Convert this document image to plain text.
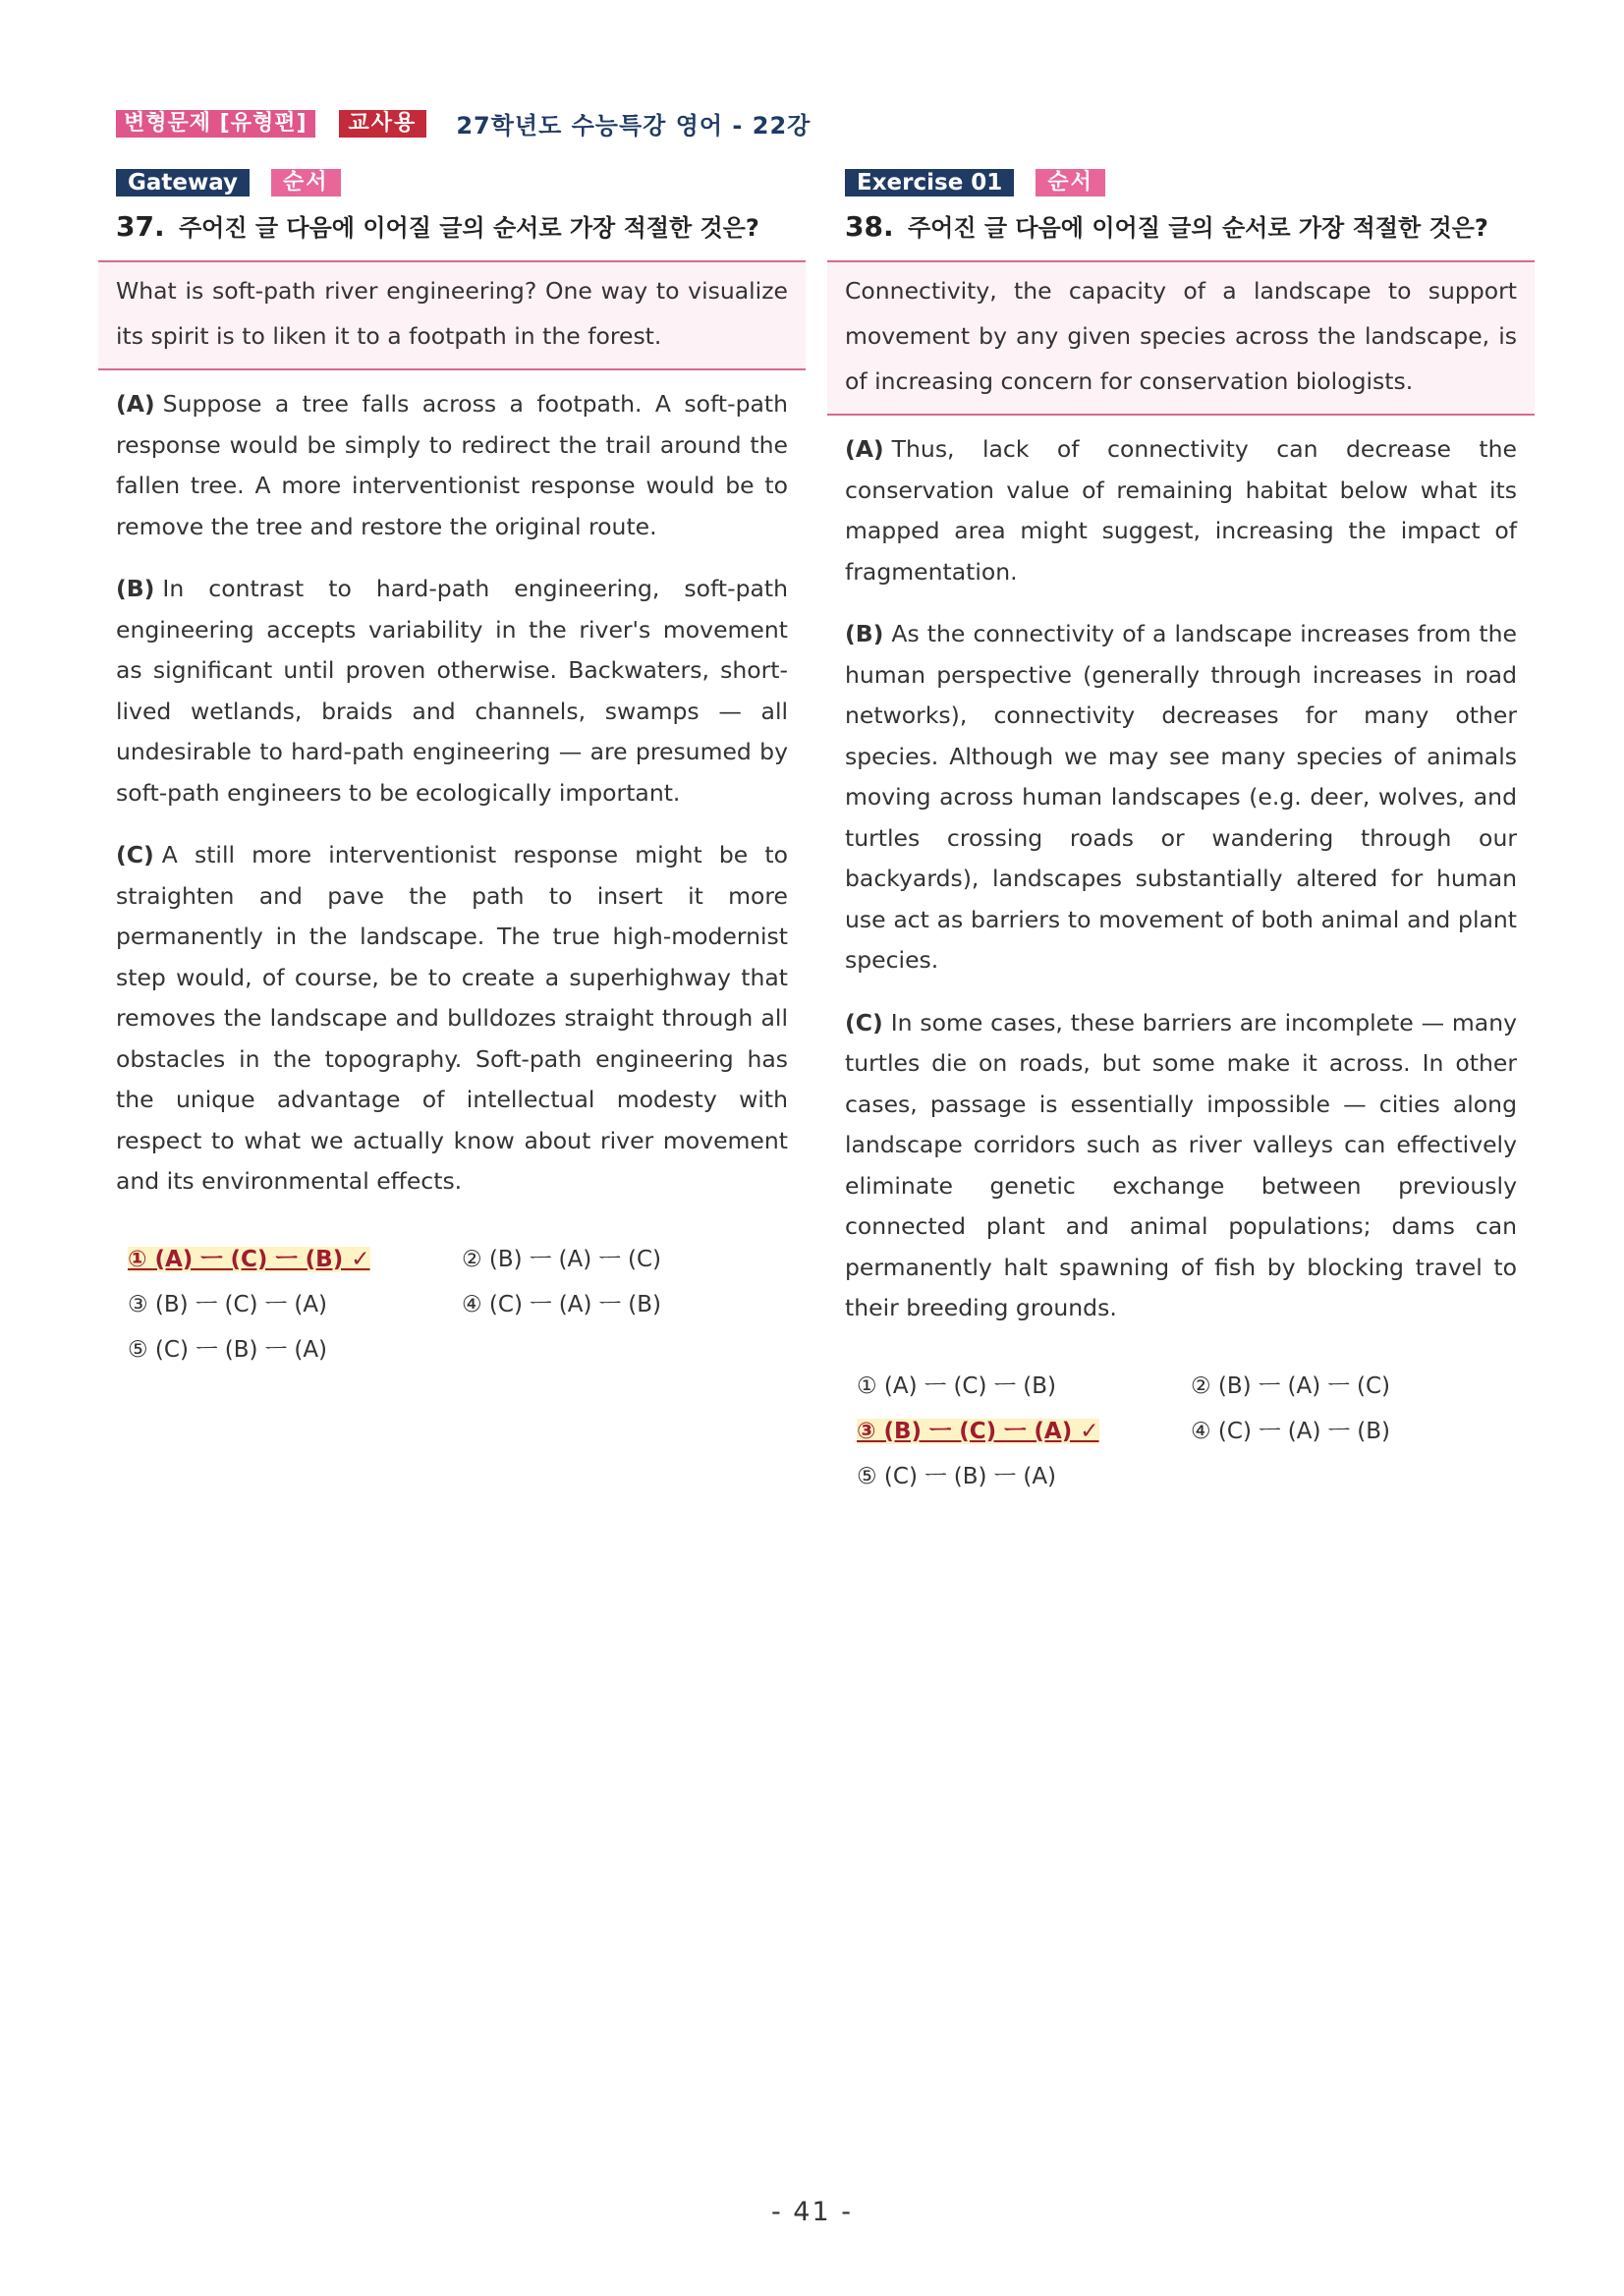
변형문제 [유형편]	교사용	27학년도 수능특강 영어 - 22강
Gateway	순서
37. 주어진 글 다음에 이어질 글의 순서로 가장 적절한 것은?
What is soft-path river engineering? One way to visualize its spirit is to liken it to a footpath in the forest.

(A) Suppose a tree falls across a footpath. A soft-path response would be simply to redirect the trail around the fallen tree. A more interventionist response would be to remove the tree and restore the original route.

(B) In contrast to hard-path engineering, soft-path engineering accepts variability in the river's movement as significant until proven otherwise. Backwaters, short-lived wetlands, braids and channels, swamps — all undesirable to hard-path engineering — are presumed by soft-path engineers to be ecologically important.

(C) A still more interventionist response might be to straighten and pave the path to insert it more permanently in the landscape. The true high-modernist step would, of course, be to create a superhighway that removes the landscape and bulldozes straight through all obstacles in the topography. Soft-path engineering has the unique advantage of intellectual modesty with respect to what we actually know about river movement and its environmental effects.

① (A) ㅡ (C) ㅡ (B) ✓	② (B) ㅡ (A) ㅡ (C)
③ (B) ㅡ (C) ㅡ (A)	④ (C) ㅡ (A) ㅡ (B)
⑤ (C) ㅡ (B) ㅡ (A)
Exercise 01	순서
38. 주어진 글 다음에 이어질 글의 순서로 가장 적절한 것은?
Connectivity, the capacity of a landscape to support movement by any given species across the landscape, is of increasing concern for conservation biologists.

(A) Thus, lack of connectivity can decrease the conservation value of remaining habitat below what its mapped area might suggest, increasing the impact of fragmentation.

(B) As the connectivity of a landscape increases from the human perspective (generally through increases in road networks), connectivity decreases for many other species. Although we may see many species of animals moving across human landscapes (e.g. deer, wolves, and turtles crossing roads or wandering through our backyards), landscapes substantially altered for human use act as barriers to movement of both animal and plant species.

(C) In some cases, these barriers are incomplete — many turtles die on roads, but some make it across. In other cases, passage is essentially impossible — cities along landscape corridors such as river valleys can effectively eliminate genetic exchange between previously connected plant and animal populations; dams can permanently halt spawning of fish by blocking travel to their breeding grounds.

① (A) ㅡ (C) ㅡ (B)	② (B) ㅡ (A) ㅡ (C)
③ (B) ㅡ (C) ㅡ (A) ✓	④ (C) ㅡ (A) ㅡ (B)
⑤ (C) ㅡ (B) ㅡ (A)
- 41 -
